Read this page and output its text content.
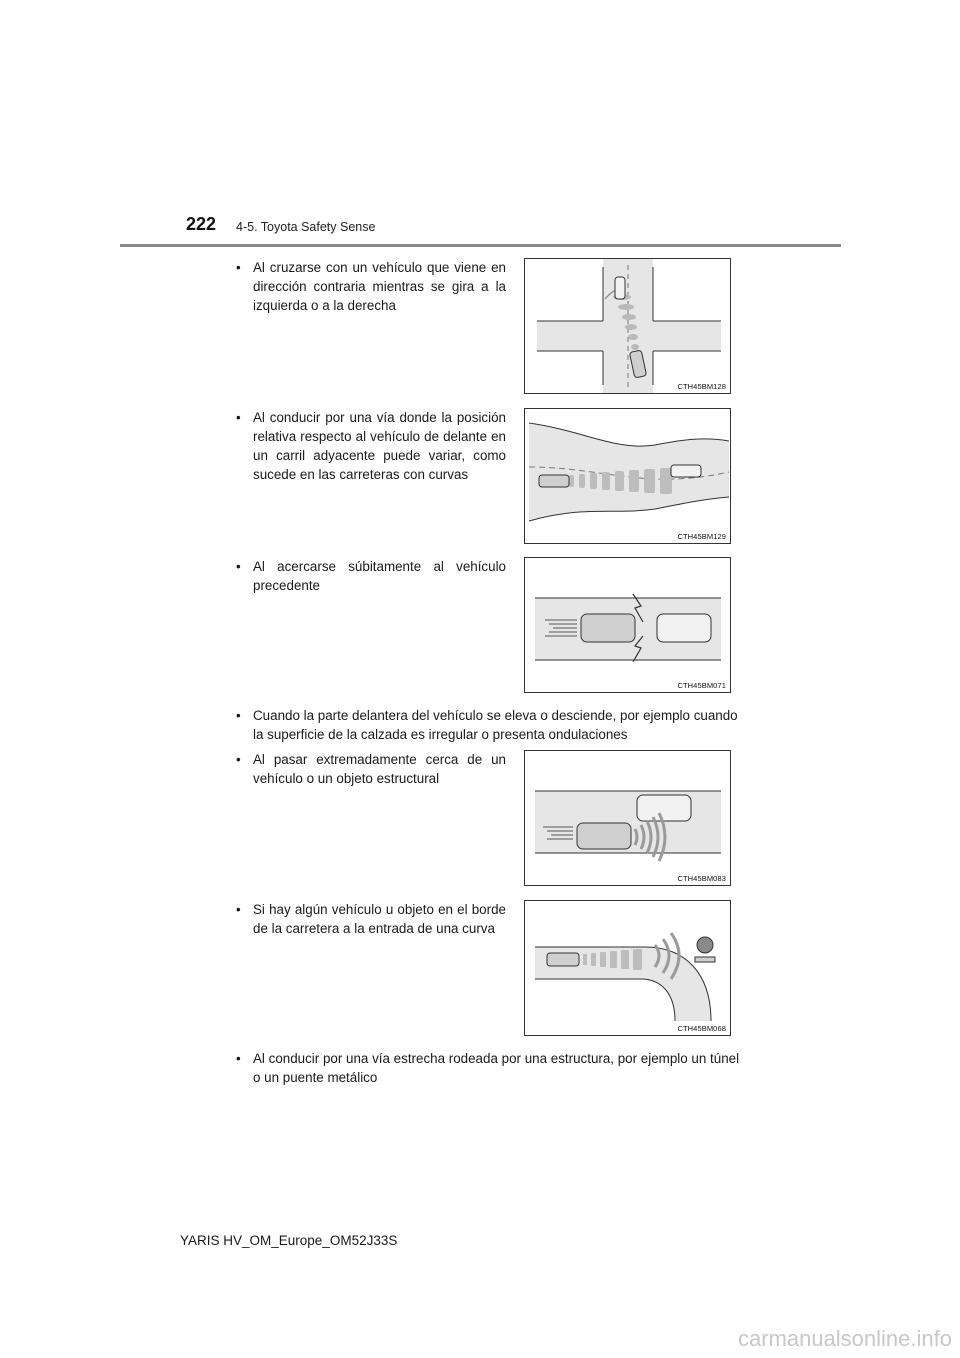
222 4-5. Toyota Safety Sense
• Al cruzarse con un vehículo que viene en dirección contraria mientras se gira a la izquierda o a la derecha
CTH45BM128
• Al conducir por una vía donde la posición relativa respecto al vehículo de delante en un carril adyacente puede variar, como sucede en las carreteras con curvas
CTH45BM129
• Al acercarse súbitamente al vehículo precedente
CTH45BM071
• Cuando la parte delantera del vehículo se eleva o desciende, por ejemplo cuando la superficie de la calzada es irregular o presenta ondulaciones
• Al pasar extremadamente cerca de un vehículo o un objeto estructural
CTH45BM083
• Si hay algún vehículo u objeto en el borde de la carretera a la entrada de una curva
CTH45BM068
• Al conducir por una vía estrecha rodeada por una estructura, por ejemplo un túnel o un puente metálico
YARIS HV_OM_Europe_OM52J33S
carmanualsonline.info
